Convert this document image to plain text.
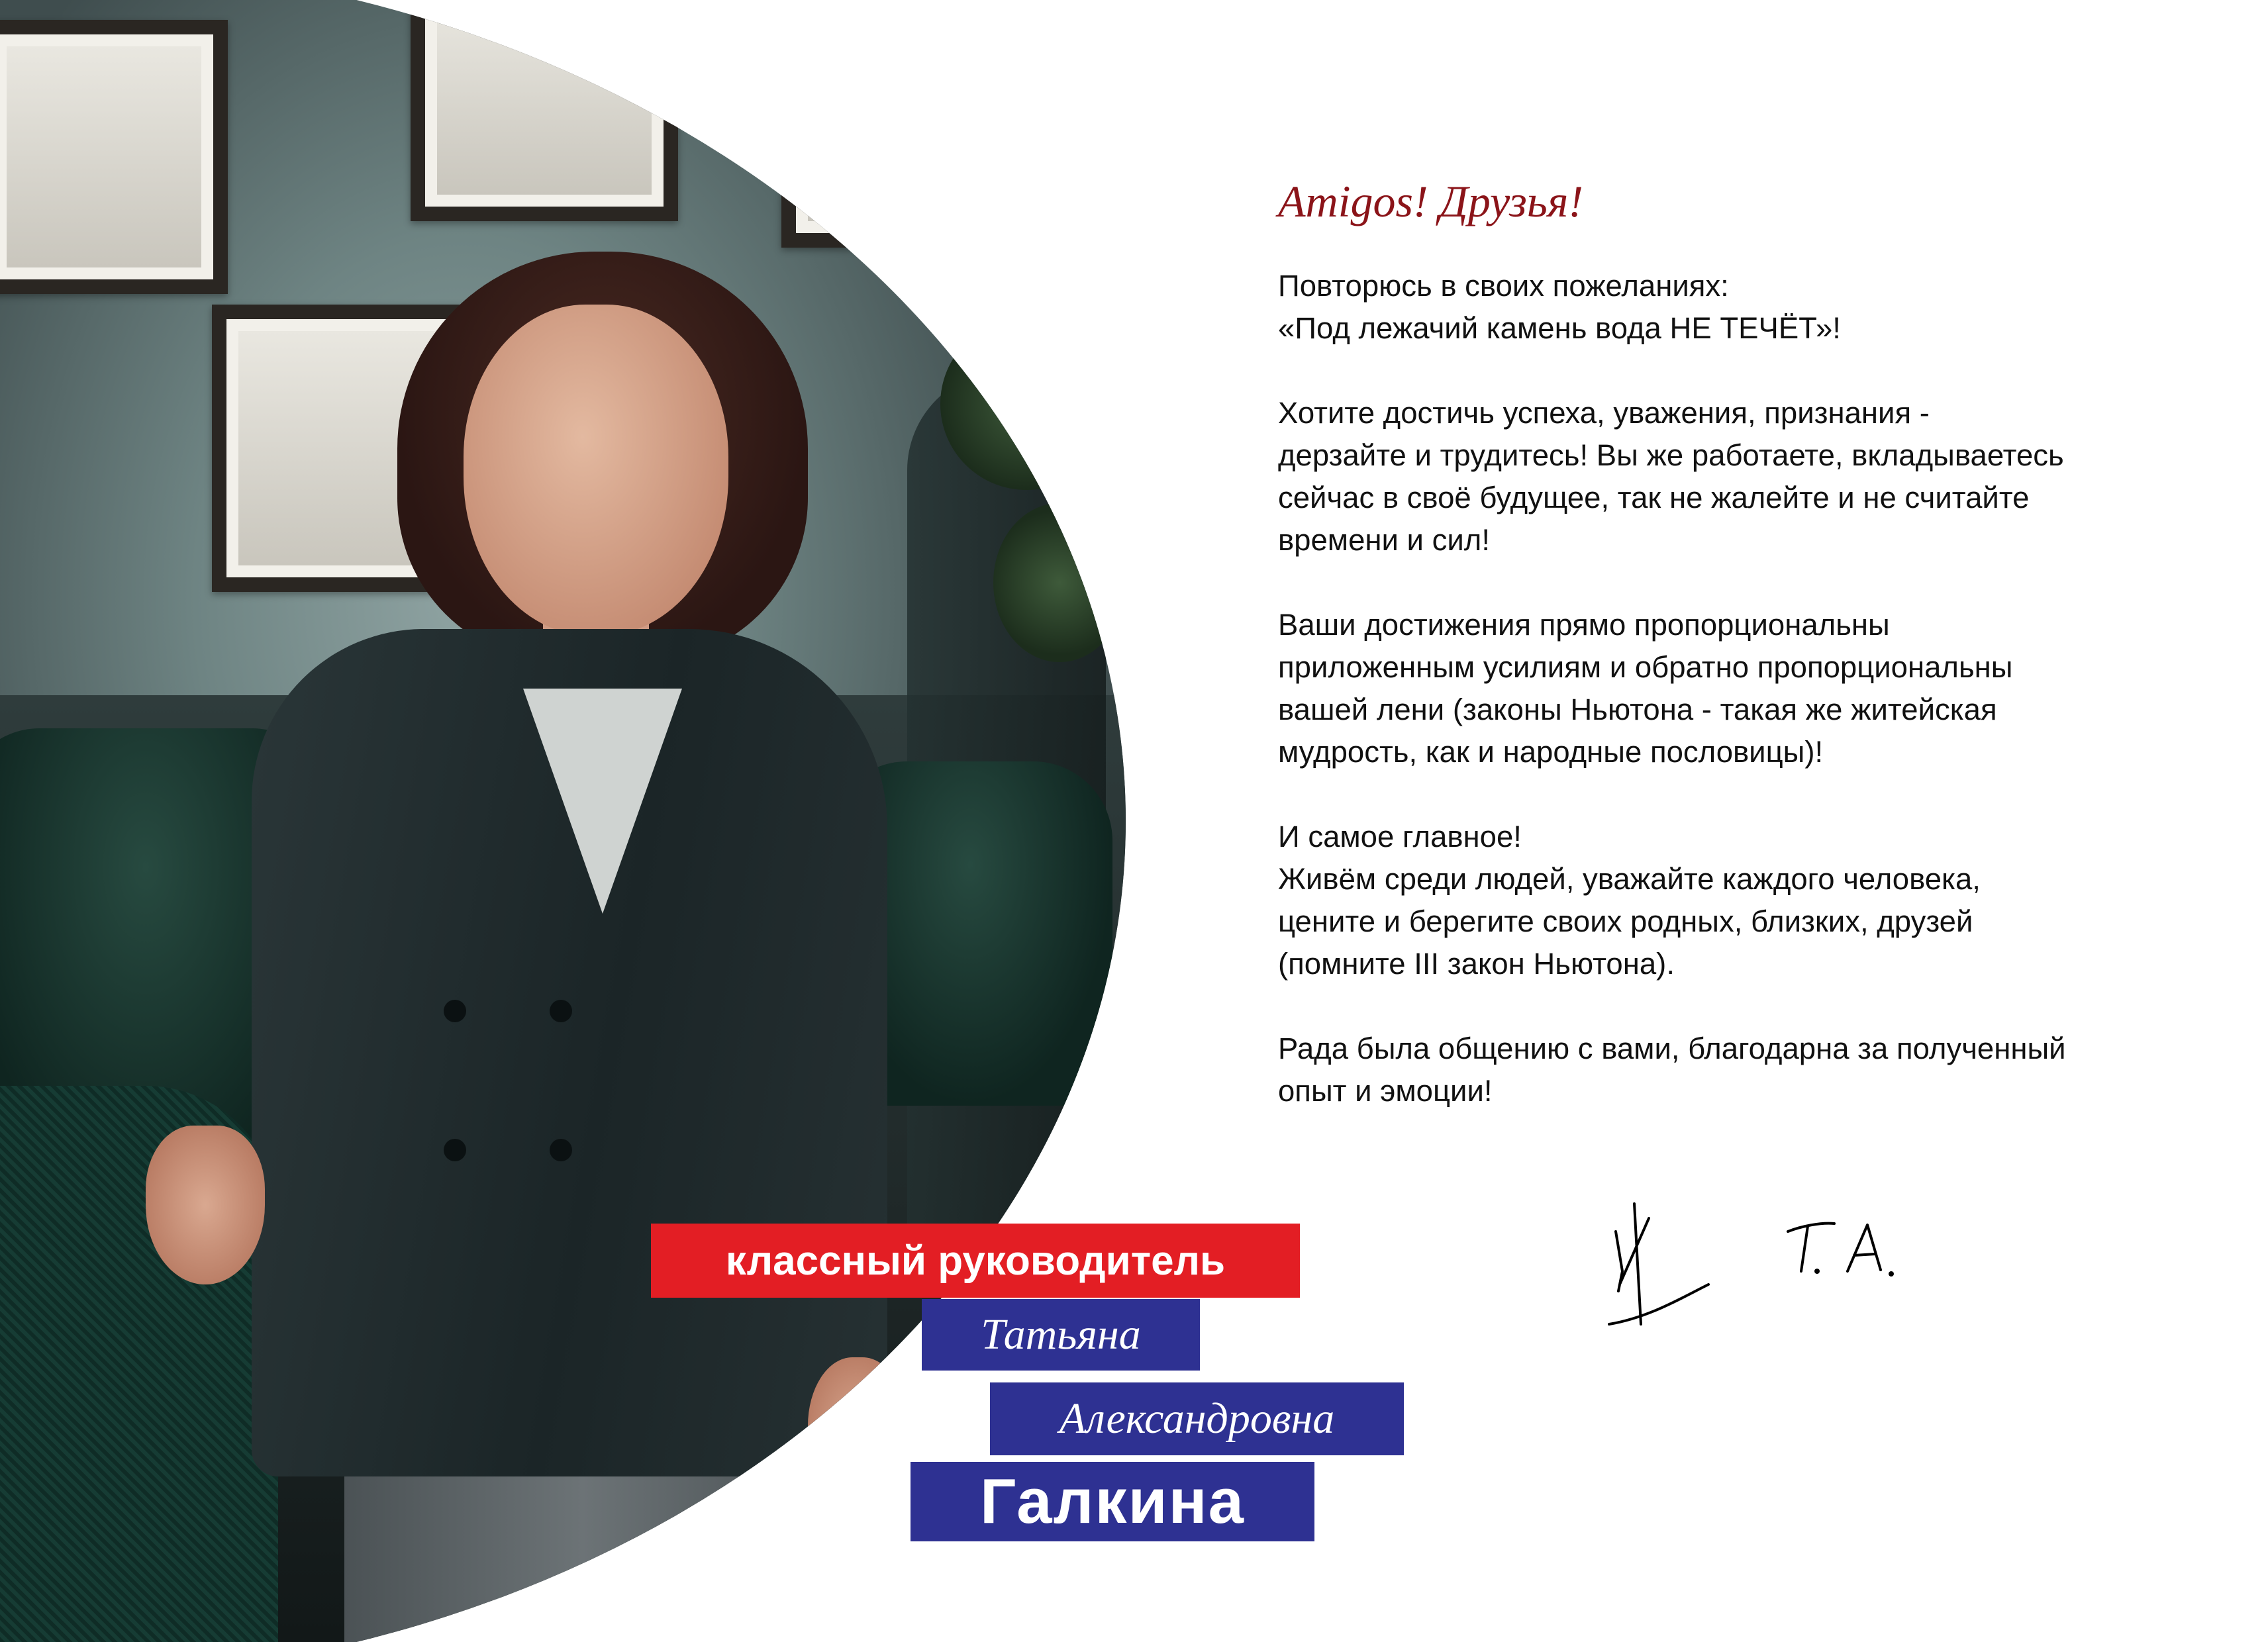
классный руководитель
Татьяна
Александровна
Галкина
Amigos! Друзья!

Повторюсь в своих пожеланиях:
«Под лежачий камень вода НЕ ТЕЧЁТ»!

Хотите достичь успеха, уважения, признания -
дерзайте и трудитесь! Вы же работаете, вкладываетесь
сейчас в своё будущее, так не жалейте и не считайте
времени и сил!

Ваши достижения прямо пропорциональны
приложенным усилиям и обратно пропорциональны
вашей лени (законы Ньютона - такая же житейская
мудрость, как и народные пословицы)!

И самое главное!
Живём среди людей, уважайте каждого человека,
цените и берегите своих родных, близких, друзей
(помните III закон Ньютона).

Рада была общению с вами, благодарна за полученный
опыт и эмоции!
